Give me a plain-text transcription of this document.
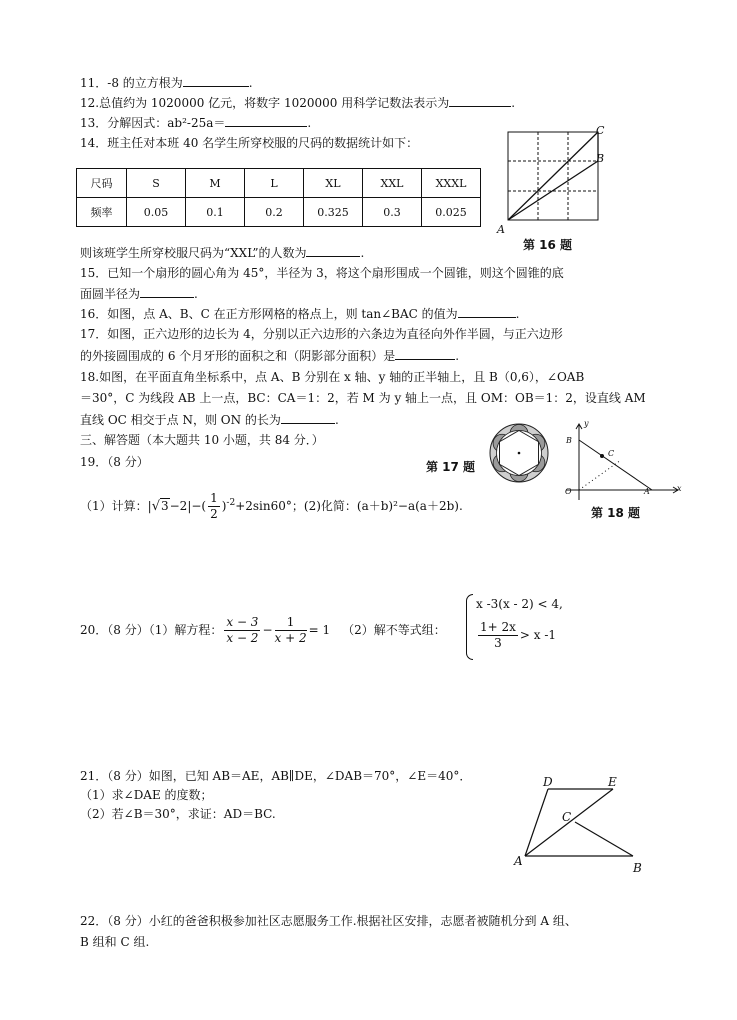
11．-8 的立方根为	.
12.总值约为 1020000 亿元，将数字 1020000 用科学记数法表示为	.
13．分解因式：ab²-25a＝	.
14．班主任对本班 40 名学生所穿校服的尺码的数据统计如下：
尺码	S	M	L	XL	XXL	XXXL
频率	0.05	0.1	0.2	0.325	0.3	0.025
则该班学生所穿校服尺码为“XXL”的人数为	.
A
B
C
第 16 题
15．已知一个扇形的圆心角为 45°，半径为 3，将这个扇形围成一个圆锥，则这个圆锥的底
面圆半径为	.
16．如图，点 A、B、C 在正方形网格的格点上，则 tan∠BAC 的值为	.
17．如图，正六边形的边长为 4，分别以正六边形的六条边为直径向外作半圆，与正六边形
的外接圆围成的 6 个月牙形的面积之和（阴影部分面积）是	.
18.如图，在平面直角坐标系中，点 A、B 分别在 x 轴、y 轴的正半轴上，且 B（0,6），∠OAB
＝30°，C 为线段 AB 上一点，BC：CA＝1：2，若 M 为 y 轴上一点，且 OM：OB＝1：2，设直线 AM
直线 OC 相交于点 N，则 ON 的长为	.
三、解答题（本大题共 10 小题，共 84 分．）
第 17 题
y
x
B
C
O	A
第 18 题
19．（8 分）
（1）计算：$|√3-2|-( \frac{1}{2} )^{-2}+2\sin 60^\circ$；(2)化简：(a＋b)²−a(a＋2b).
20．（8 分）（1）解方程： $\frac{x - 3}{x - 2} - \frac{1}{x + 2} = 1$ （2）解不等式组：
x -3(x - 2) < 4,
$\frac{1+ 2x}{3} > x$ -1
21．（8 分）如图，已知 AB＝AE，AB∥DE，∠DAB＝70°，∠E＝40°．
（1）求∠DAE 的度数；
（2）若∠B＝30°，求证：AD＝BC.
D	E
C
A	B
22．（8 分）小红的爸爸积极参加社区志愿服务工作.根据社区安排，志愿者被随机分到 A 组、
B 组和 C 组.
